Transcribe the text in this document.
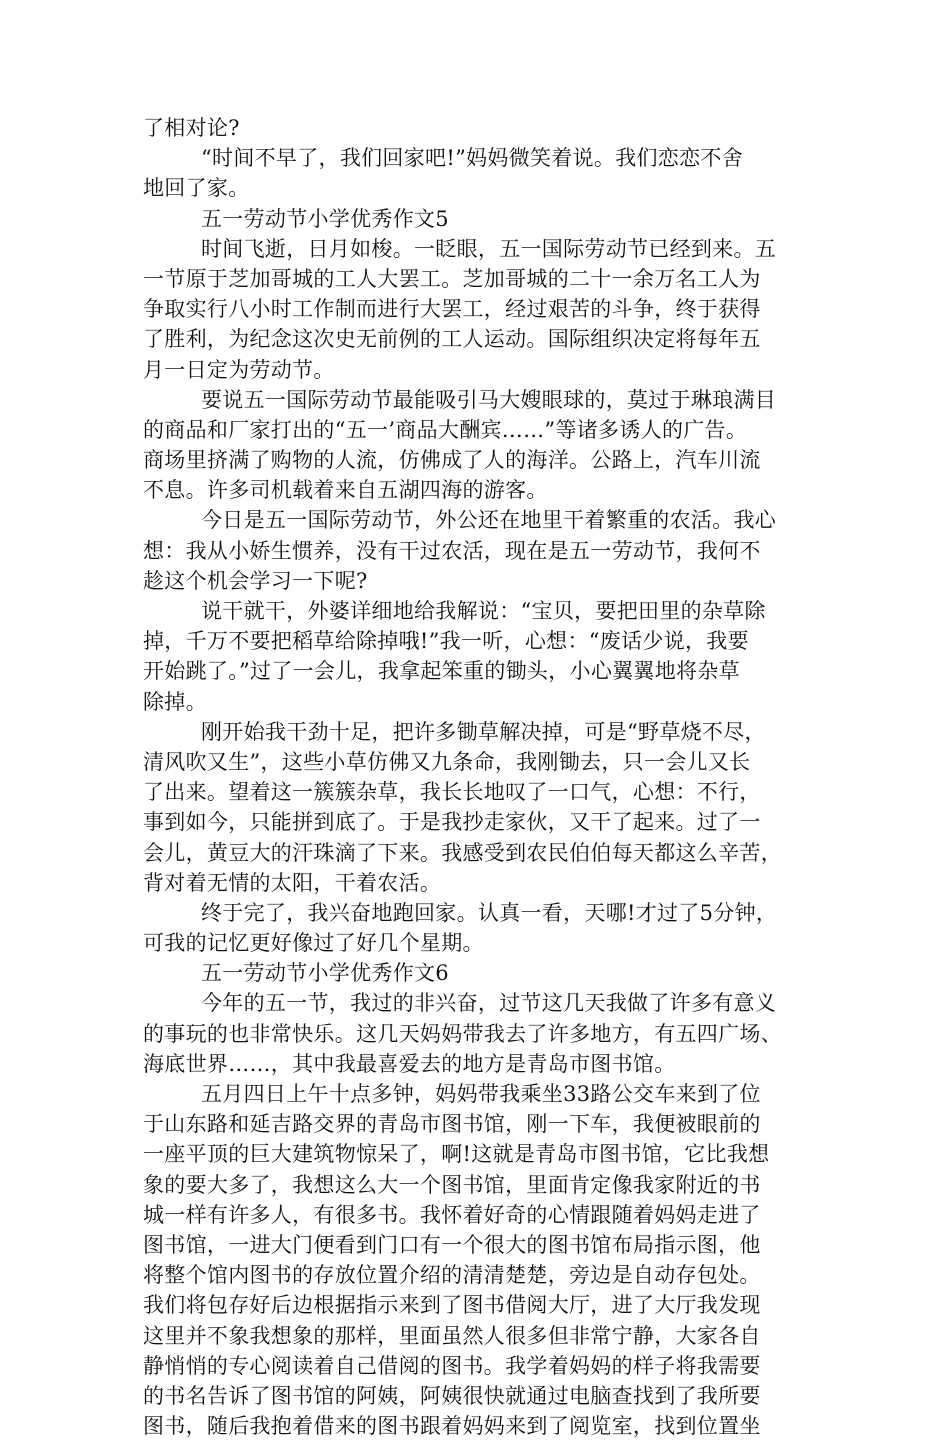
了相对论?
“时间不早了，我们回家吧!”妈妈微笑着说。我们恋恋不舍
地回了家。
五一劳动节小学优秀作文5
时间飞逝，日月如梭。一眨眼，五一国际劳动节已经到来。五
一节原于芝加哥城的工人大罢工。芝加哥城的二十一余万名工人为
争取实行八小时工作制而进行大罢工，经过艰苦的斗争，终于获得
了胜利，为纪念这次史无前例的工人运动。国际组织决定将每年五
月一日定为劳动节。
要说五一国际劳动节最能吸引马大嫂眼球的，莫过于琳琅满目
的商品和厂家打出的“五一’商品大酬宾……”等诸多诱人的广告。
商场里挤满了购物的人流，仿佛成了人的海洋。公路上，汽车川流
不息。许多司机载着来自五湖四海的游客。
今日是五一国际劳动节，外公还在地里干着繁重的农活。我心
想：我从小娇生惯养，没有干过农活，现在是五一劳动节，我何不
趁这个机会学习一下呢?
说干就干，外婆详细地给我解说：“宝贝，要把田里的杂草除
掉，千万不要把稻草给除掉哦!”我一听，心想：“废话少说，我要
开始跳了。”过了一会儿，我拿起笨重的锄头，小心翼翼地将杂草
除掉。
刚开始我干劲十足，把许多锄草解决掉，可是“野草烧不尽，
清风吹又生”，这些小草仿佛又九条命，我刚锄去，只一会儿又长
了出来。望着这一簇簇杂草，我长长地叹了一口气，心想：不行，
事到如今，只能拼到底了。于是我抄走家伙，又干了起来。过了一
会儿，黄豆大的汗珠滴了下来。我感受到农民伯伯每天都这么辛苦，
背对着无情的太阳，干着农活。
终于完了，我兴奋地跑回家。认真一看，天哪!才过了5分钟，
可我的记忆更好像过了好几个星期。
五一劳动节小学优秀作文6
今年的五一节，我过的非兴奋，过节这几天我做了许多有意义
的事玩的也非常快乐。这几天妈妈带我去了许多地方，有五四广场、
海底世界……，其中我最喜爱去的地方是青岛市图书馆。
五月四日上午十点多钟，妈妈带我乘坐33路公交车来到了位
于山东路和延吉路交界的青岛市图书馆，刚一下车，我便被眼前的
一座平顶的巨大建筑物惊呆了，啊!这就是青岛市图书馆，它比我想
象的要大多了，我想这么大一个图书馆，里面肯定像我家附近的书
城一样有许多人，有很多书。我怀着好奇的心情跟随着妈妈走进了
图书馆，一进大门便看到门口有一个很大的图书馆布局指示图，他
将整个馆内图书的存放位置介绍的清清楚楚，旁边是自动存包处。
我们将包存好后边根据指示来到了图书借阅大厅，进了大厅我发现
这里并不象我想象的那样，里面虽然人很多但非常宁静，大家各自
静悄悄的专心阅读着自己借阅的图书。我学着妈妈的样子将我需要
的书名告诉了图书馆的阿姨，阿姨很快就通过电脑查找到了我所要
图书，随后我抱着借来的图书跟着妈妈来到了阅览室，找到位置坐
